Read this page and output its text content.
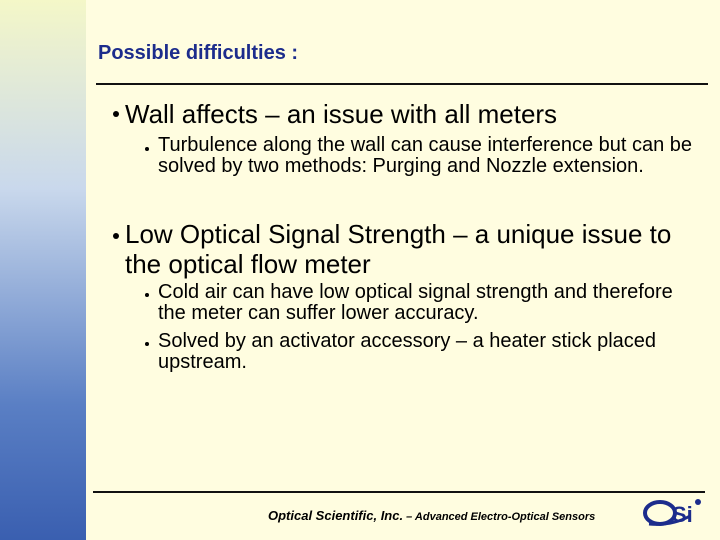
Possible difficulties :
Wall affects – an issue with all meters
Turbulence along the wall can cause interference but can be solved by two methods: Purging and Nozzle extension.
Low Optical Signal Strength – a unique issue to the optical flow meter
Cold air can have low optical signal strength and therefore the meter can suffer lower accuracy.
Solved by an activator accessory – a heater stick placed upstream.
Optical Scientific, Inc. – Advanced Electro-Optical Sensors	Si
